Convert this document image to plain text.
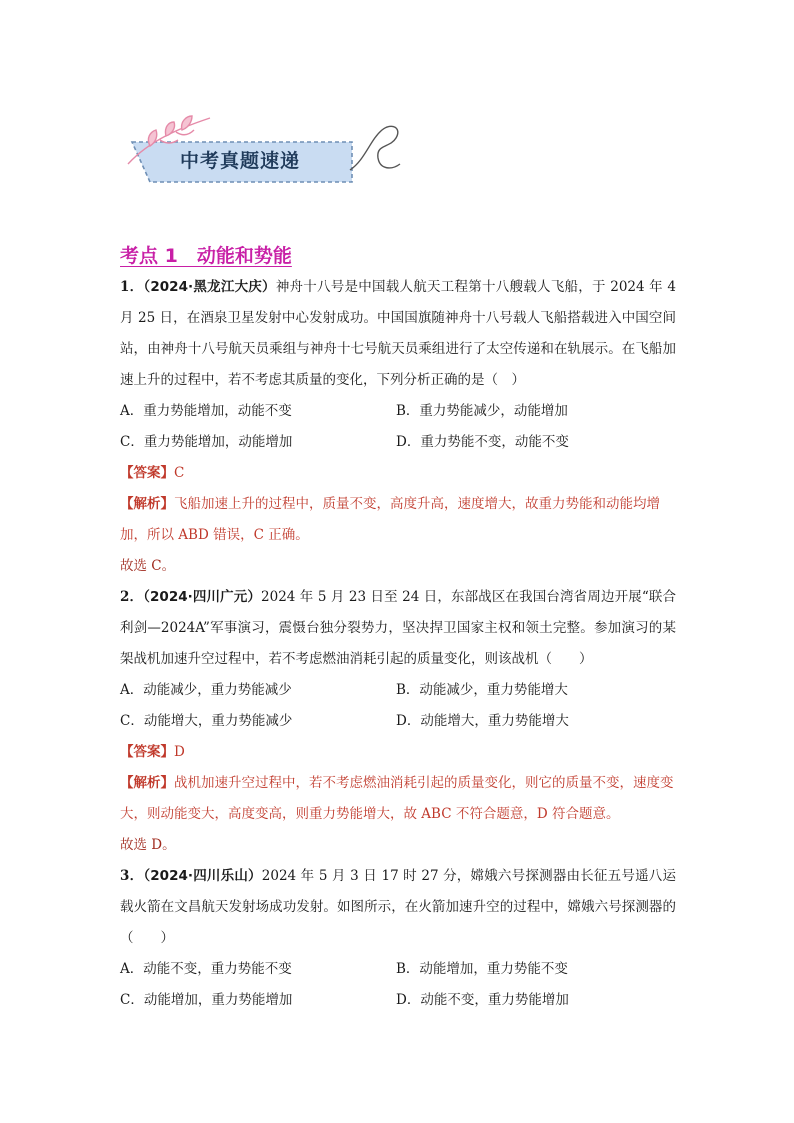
中考真题速递
考点 1　动能和势能

1．（2024·黑龙江大庆）神舟十八号是中国载人航天工程第十八艘载人飞船，于 2024 年 4 月 25 日，在酒泉卫星发射中心发射成功。中国国旗随神舟十八号载人飞船搭载进入中国空间站，由神舟十八号航天员乘组与神舟十七号航天员乘组进行了太空传递和在轨展示。在飞船加速上升的过程中，若不考虑其质量的变化，下列分析正确的是（　）

A．重力势能增加，动能不变	B．重力势能减少，动能增加
C．重力势能增加，动能增加	D．重力势能不变，动能不变

【答案】C

【解析】飞船加速上升的过程中，质量不变，高度升高，速度增大，故重力势能和动能均增加，所以 ABD 错误，C 正确。

故选 C。

2．（2024·四川广元）2024 年 5 月 23 日至 24 日，东部战区在我国台湾省周边开展“联合利剑—2024A”军事演习，震慑台独分裂势力，坚决捍卫国家主权和领土完整。参加演习的某架战机加速升空过程中，若不考虑燃油消耗引起的质量变化，则该战机（　　）

A．动能减少，重力势能减少	B．动能减少，重力势能增大
C．动能增大，重力势能减少	D．动能增大，重力势能增大

【答案】D

【解析】战机加速升空过程中，若不考虑燃油消耗引起的质量变化，则它的质量不变，速度变大，则动能变大，高度变高，则重力势能增大，故 ABC 不符合题意，D 符合题意。

故选 D。

3．（2024·四川乐山）2024 年 5 月 3 日 17 时 27 分，嫦娥六号探测器由长征五号遥八运载火箭在文昌航天发射场成功发射。如图所示，在火箭加速升空的过程中，嫦娥六号探测器的（　　）

A．动能不变，重力势能不变	B．动能增加，重力势能不变
C．动能增加，重力势能增加	D．动能不变，重力势能增加
